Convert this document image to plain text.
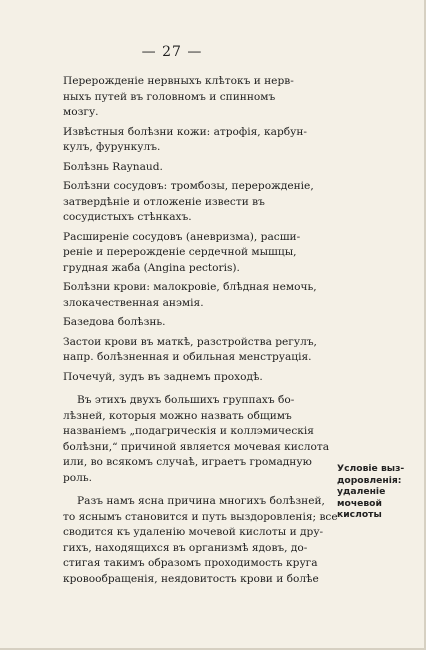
— 27 —
Перерожденіе нервныхъ клѣтокъ и нерв-
ныхъ путей въ головномъ и спинномъ
мозгу.
Извѣстныя болѣзни кожи: атрофія, карбун-
кулъ, фурункулъ.
Болѣзнь Raynaud.
Болѣзни сосудовъ: тромбозы, перерожденіе,
затвердѣніе и отложеніе извести въ
сосудистыхъ стѣнкахъ.
Расширеніе сосудовъ (аневризма), расши-
реніе и перерожденіе сердечной мышцы,
грудная жаба (Angina pectoris).
Болѣзни крови: малокровіе, блѣдная немочь,
злокачественная анэмія.
Базедова болѣзнь.
Застои крови въ маткѣ, разстройства регулъ,
напр. болѣзненная и обильная менструація.
Почечуй, зудъ въ заднемъ проходѣ.
Въ этихъ двухъ большихъ группахъ бо-
лѣзней, которыя можно назвать общимъ
названіемъ „подагрическія и коллэмическія
болѣзни,“ причиной является мочевая кислота
или, во всякомъ случаѣ, играетъ громадную
роль.
Разъ намъ ясна причина многихъ болѣзней,
то яснымъ становится и путь выздоровленія; все
сводится къ удаленію мочевой кислоты и дру-
гихъ, находящихся въ организмѣ ядовъ, до-
стигая такимъ образомъ проходимость круга
кровообращенія, неядовитость крови и болѣе
Условіе выз-
доровленія:
удаленіе
мочевой
кислоты
